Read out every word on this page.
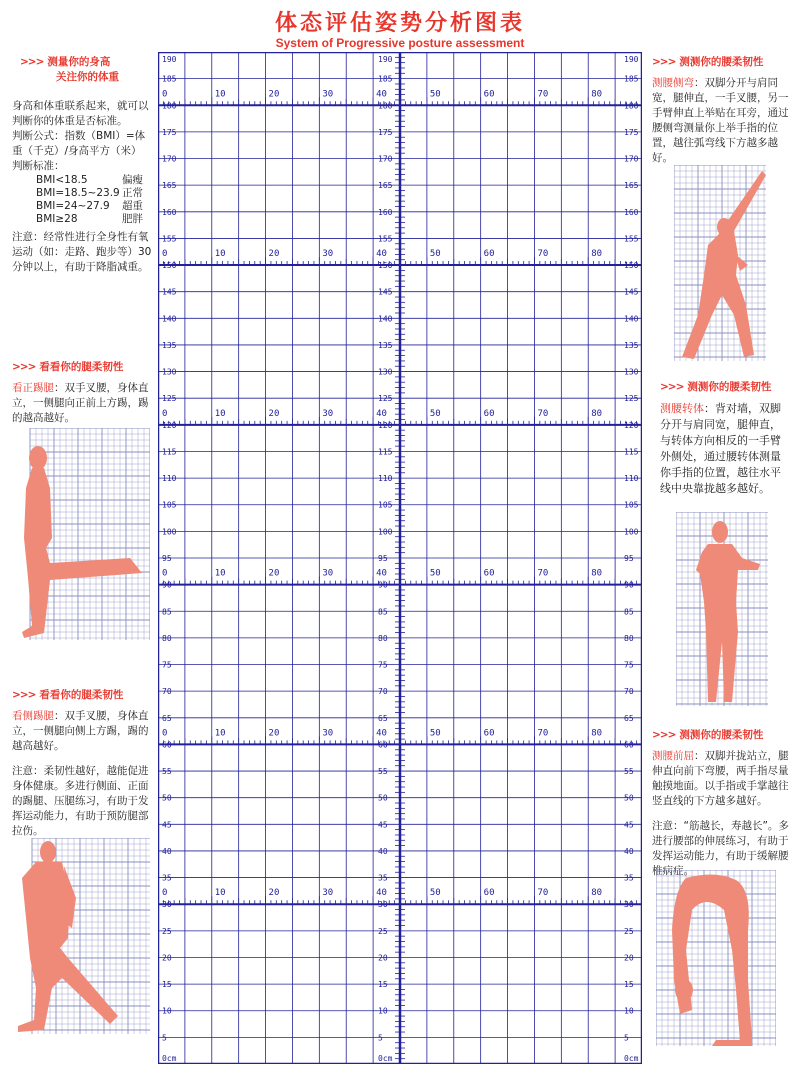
体态评估姿势分析图表
System of Progressive posture assessment
>>> 测量你的身高
关注你的体重

身高和体重联系起来，就可以判断你的体重是否标准。

判断公式：指数（BMI）=体重（千克）/身高平方（米）

判断标准：

BMI<18.5	偏瘦
BMI=18.5~23.9 正常
BMI=24~27.9	超重
BMI≥28	肥胖

注意：经常性进行全身性有氧运动（如：走路、跑步等）30分钟以上，有助于降脂减重。

>>> 看看你的腿柔韧性

看正踢腿：双手叉腰，身体直立，一侧腿向正前上方踢，踢的越高越好。

>>> 看看你的腿柔韧性

看侧踢腿：双手叉腰，身体直立，一侧腿向侧上方踢，踢的越高越好。

注意：柔韧性越好，越能促进身体健康。多进行侧面、正面的踢腿、压腿练习，有助于发挥运动能力，有助于预防腿部拉伤。

>>> 测测你的腰柔韧性

测腰侧弯：双脚分开与肩同宽，腿伸直，一手叉腰，另一手臂伸直上举贴在耳旁，通过腰侧弯测量你上举手指的位置，越往弧弯线下方越多越好。

>>> 测测你的腰柔韧性

测腰转体：背对墙，双脚分开与肩同宽，腿伸直，与转体方向相反的一手臂外侧处，通过腰转体测量你手指的位置，越往水平线中央靠拢越多越好。

>>> 测测你的腰柔韧性

测腰前屈：双脚并拢站立，腿伸直向前下弯腰，两手指尽量触摸地面。以手指或手掌越往竖直线的下方越多越好。

注意：“筋越长，寿越长”。多进行腰部的伸展练习，有助于发挥运动能力，有助于缓解腰椎病症。

0	10	20	30	40	50	60	70	80
0	10	20	30	40	50	60	70	80
0	10	20	30	40	50	60	70	80
0	10	20	30	40	50	60	70	80
0	10	20	30	40	50	60	70	80
0	10	20	30	40	50	60	70	80
190	190	190
185	185	185
180	180	180
175	175	175
170	170	170
165	165	165
160	160	160
155	155	155
150	150	150
145	145	145
140	140	140
135	135	135
130	130	130
125	125	125
120	120	120
115	115	115
110	110	110
105	105	105
100	100	100
95	95	95
90	90	90
85	85	85
80	80	80
75	75	75
70	70	70
65	65	65
60	60	60
55	55	55
50	50	50
45	45	45
40	40	40
35	35	35
30	30	30
25	25	25
20	20	20
15	15	15
10	10	10
5	5	5
0cm	0cm	0cm
